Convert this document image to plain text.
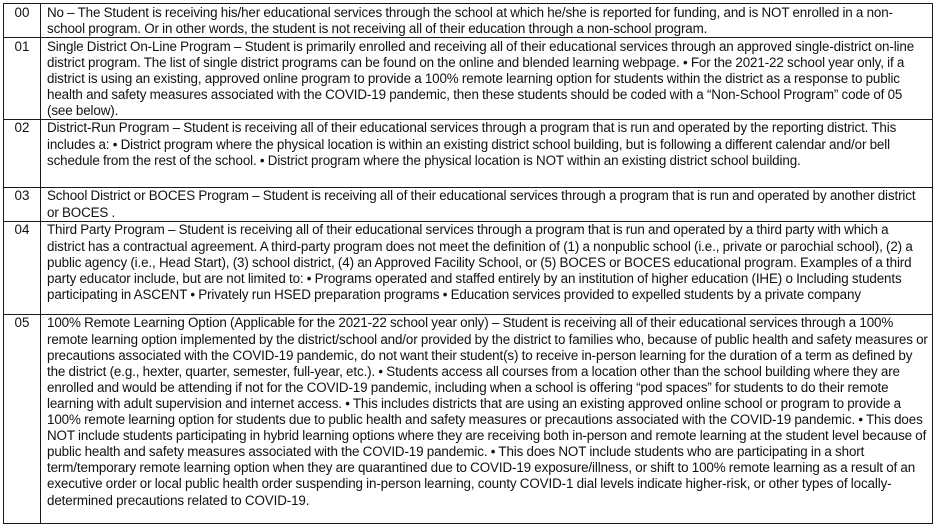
00	No – The Student is receiving his/her educational services through the school at which he/she is reported for funding, and is NOT enrolled in a non-school program. Or in other words, the student is not receiving all of their education through a non-school program.
01	Single District On-Line Program – Student is primarily enrolled and receiving all of their educational services through an approved single-district on-line district program. The list of single district programs can be found on the online and blended learning webpage. • For the 2021-22 school year only, if a district is using an existing, approved online program to provide a 100% remote learning option for students within the district as a response to public health and safety measures associated with the COVID-19 pandemic, then these students should be coded with a “Non-School Program” code of 05 (see below).
02	District-Run Program – Student is receiving all of their educational services through a program that is run and operated by the reporting district. This includes a: • District program where the physical location is within an existing district school building, but is following a different calendar and/or bell schedule from the rest of the school. • District program where the physical location is NOT within an existing district school building.
03	School District or BOCES Program – Student is receiving all of their educational services through a program that is run and operated by another district or BOCES .
04	Third Party Program – Student is receiving all of their educational services through a program that is run and operated by a third party with which a district has a contractual agreement. A third-party program does not meet the definition of (1) a nonpublic school (i.e., private or parochial school), (2) a public agency (i.e., Head Start), (3) school district, (4) an Approved Facility School, or (5) BOCES or BOCES educational program. Examples of a third party educator include, but are not limited to: • Programs operated and staffed entirely by an institution of higher education (IHE) o Including students participating in ASCENT • Privately run HSED preparation programs • Education services provided to expelled students by a private company
05	100% Remote Learning Option (Applicable for the 2021-22 school year only) – Student is receiving all of their educational services through a 100% remote learning option implemented by the district/school and/or provided by the district to families who, because of public health and safety measures or precautions associated with the COVID-19 pandemic, do not want their student(s) to receive in-person learning for the duration of a term as defined by the district (e.g., hexter, quarter, semester, full-year, etc.). • Students access all courses from a location other than the school building where they are enrolled and would be attending if not for the COVID-19 pandemic, including when a school is offering “pod spaces” for students to do their remote learning with adult supervision and internet access. • This includes districts that are using an existing approved online school or program to provide a 100% remote learning option for students due to public health and safety measures or precautions associated with the COVID-19 pandemic. • This does NOT include students participating in hybrid learning options where they are receiving both in-person and remote learning at the student level because of public health and safety measures associated with the COVID-19 pandemic. • This does NOT include students who are participating in a short term/temporary remote learning option when they are quarantined due to COVID-19 exposure/illness, or shift to 100% remote learning as a result of an executive order or local public health order suspending in-person learning, county COVID-1 dial levels indicate higher-risk, or other types of locally-determined precautions related to COVID-19.
